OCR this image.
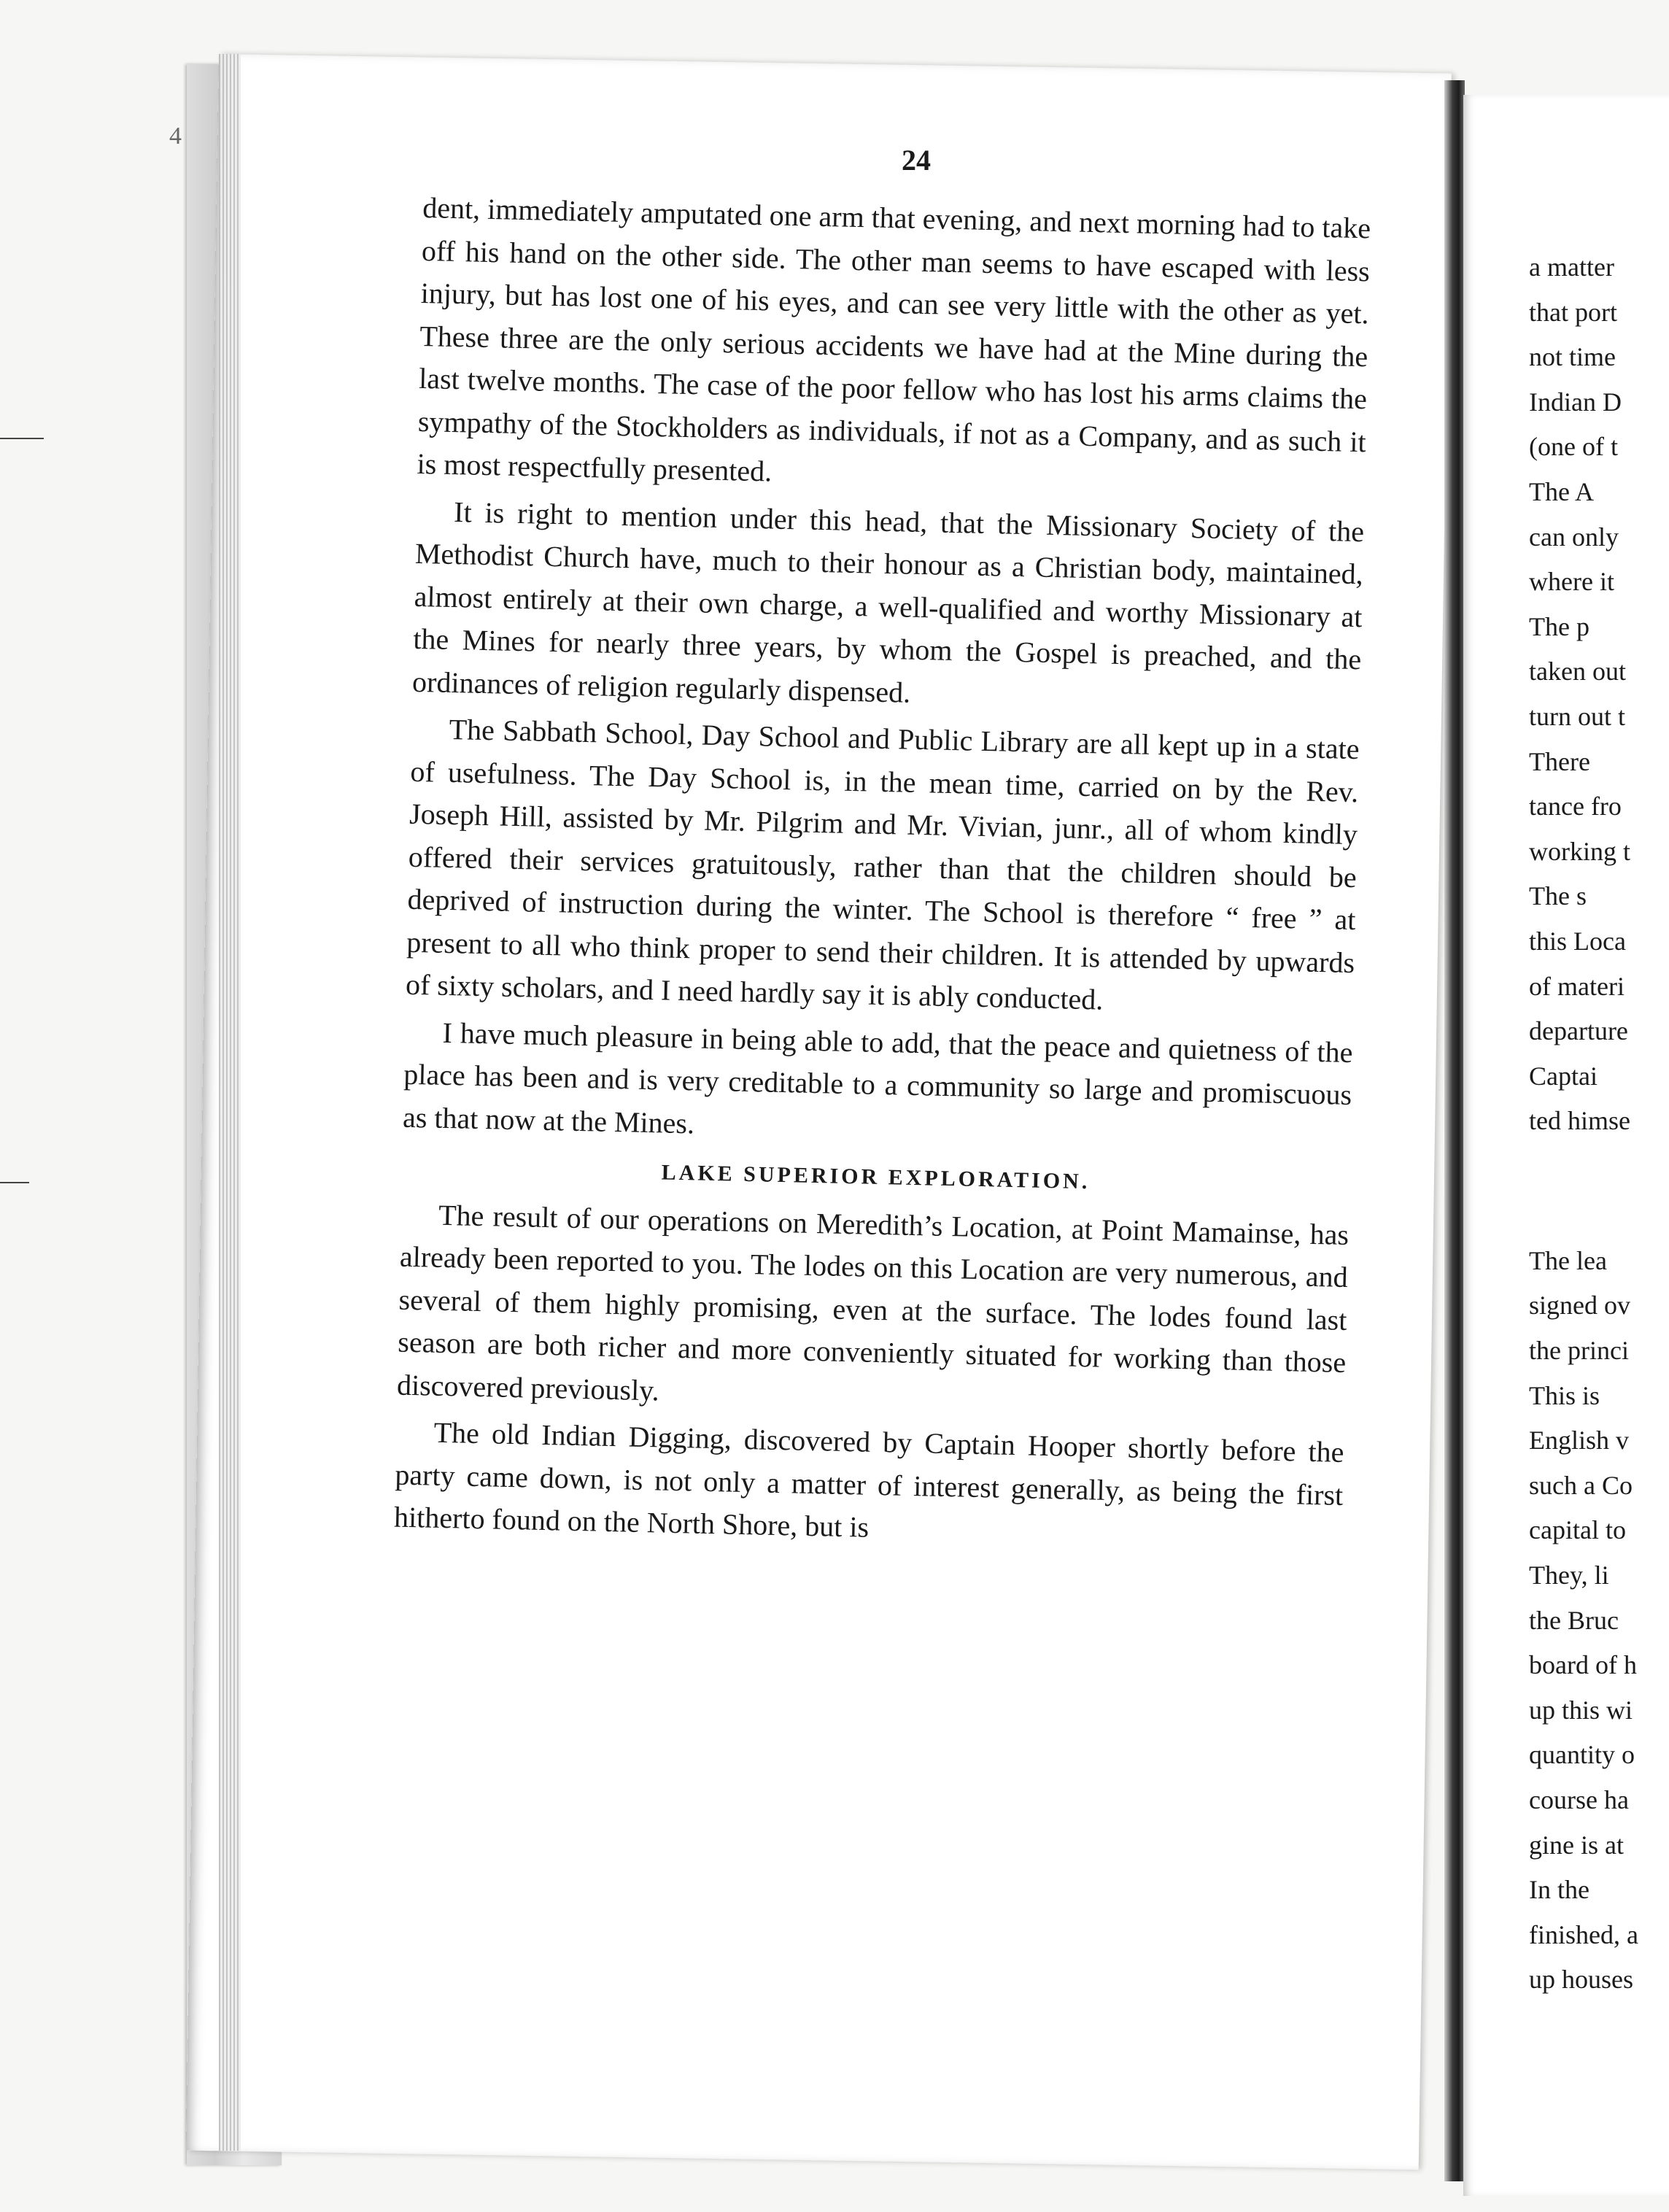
4
24

dent, immediately amputated one arm that evening, and next morning had to take off his hand on the other side. The other man seems to have escaped with less injury, but has lost one of his eyes, and can see very little with the other as yet. These three are the only serious accidents we have had at the Mine during the last twelve months. The case of the poor fellow who has lost his arms claims the sympathy of the Stockholders as individuals, if not as a Company, and as such it is most respectfully presented.

It is right to mention under this head, that the Missionary Society of the Methodist Church have, much to their honour as a Christian body, maintained, almost entirely at their own charge, a well-qualified and worthy Missionary at the Mines for nearly three years, by whom the Gospel is preached, and the ordinances of religion regularly dispensed.

The Sabbath School, Day School and Public Library are all kept up in a state of usefulness. The Day School is, in the mean time, carried on by the Rev. Joseph Hill, assisted by Mr. Pilgrim and Mr. Vivian, junr., all of whom kindly offered their services gratuitously, rather than that the children should be deprived of instruction during the winter. The School is therefore “ free ” at present to all who think proper to send their children. It is attended by upwards of sixty scholars, and I need hardly say it is ably conducted.

I have much pleasure in being able to add, that the peace and quietness of the place has been and is very creditable to a community so large and promiscuous as that now at the Mines.

LAKE SUPERIOR EXPLORATION.

The result of our operations on Meredith’s Location, at Point Mamainse, has already been reported to you. The lodes on this Location are very numerous, and several of them highly promising, even at the surface. The lodes found last season are both richer and more conveniently situated for working than those discovered previously.

The old Indian Digging, discovered by Captain Hooper shortly before the party came down, is not only a matter of interest generally, as being the first hitherto found on the North Shore, but is

a matter
that port
not time
Indian D
(one of t
The A
can only
where it
The p
taken out
turn out t
There
tance fro
working t
The s
this Loca
of materi
departure
Captai
ted himse
The lea
signed ov
the princi
This is
English v
such a Co
capital to
They, li
the Bruc
board of h
up this wi
quantity o
course ha
gine is at
In the
finished, a
up houses
